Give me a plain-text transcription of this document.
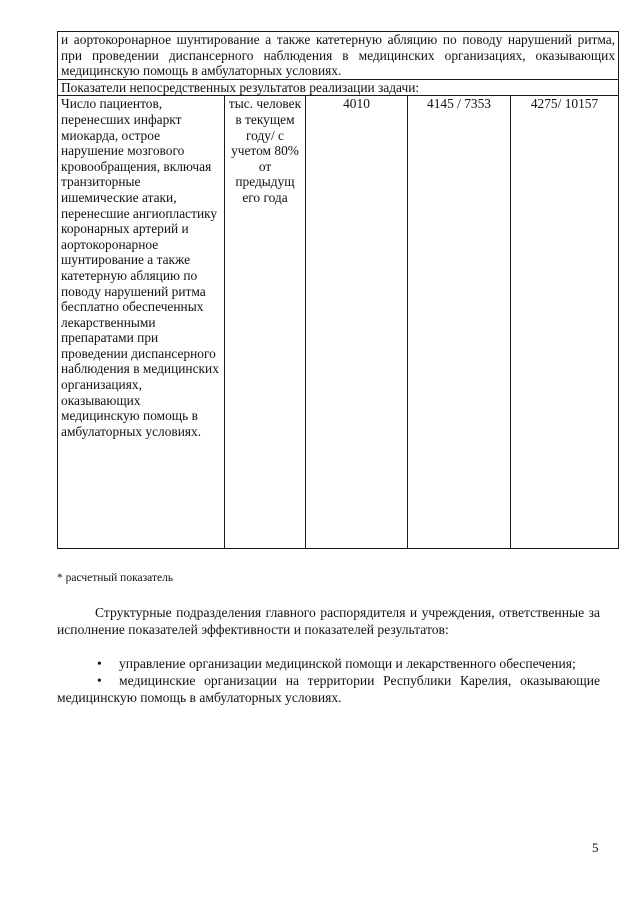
и аортокоронарное шунтирование а также катетерную абляцию по поводу нарушений ритма, при проведении диспансерного наблюдения в медицинских организациях, оказывающих медицинскую помощь в амбулаторных условиях.
Показатели непосредственных результатов реализации задачи:
Число пациентов, перенесших инфаркт миокарда, острое нарушение мозгового кровообращения, включая транзиторные ишемические атаки, перенесшие ангиопластику коронарных артерий и аортокоронарное шунтирование а также катетерную абляцию по поводу нарушений ритма бесплатно обеспеченных лекарственными препаратами при проведении диспансерного наблюдения в медицинских организациях, оказывающих медицинскую помощь в амбулаторных условиях.	тыс. человек в текущем году/ с учетом 80% от предыдущ его года	4010	4145 / 7353	4275/ 10157
* расчетный показатель
Структурные подразделения главного распорядителя и учреждения, ответственные за исполнение показателей эффективности и показателей результатов:
•	управление организации медицинской помощи и лекарственного обеспечения;
•	медицинские организации на территории Республики Карелия, оказывающие медицинскую помощь в амбулаторных условиях.
5
